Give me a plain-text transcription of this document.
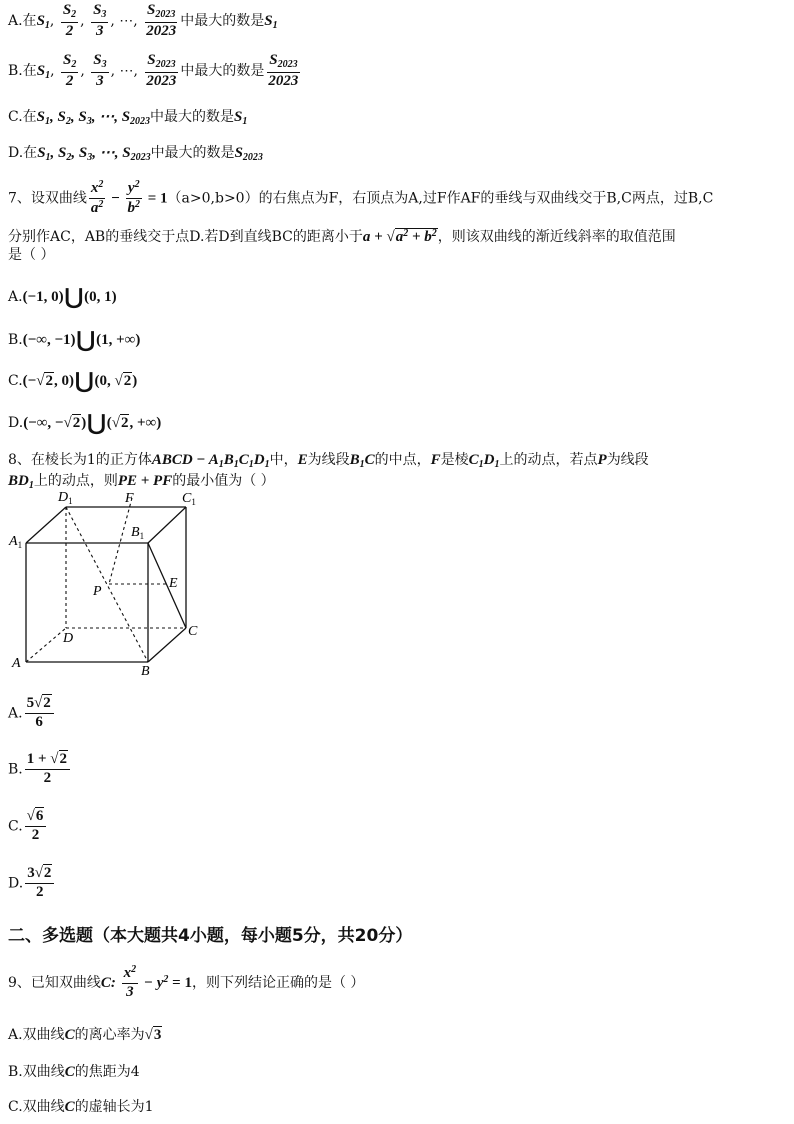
A.在$S_1$, $\frac{S_2}{2}$ , $\frac{S_3}{3}$ , ⋯, $\frac{S_{2023}}{2023}$ 中最大的数是$S_1$
B.在$S_1$, $\frac{S_2}{2}$ , $\frac{S_3}{3}$ , ⋯, $\frac{S_{2023}}{2023}$ 中最大的数是 $\frac{S_{2023}}{2023}$
C.在$S_1$, $S_2$, $S_3$, ⋯, $S_{2023}$中最大的数是$S_1$
D.在$S_1$, $S_2$, $S_3$, ⋯, $S_{2023}$中最大的数是$S_{2023}$
7、设双曲线 $\frac{x^2}{a^2} - \frac{y^2}{b^2} = 1(a>0,b>0)$的右焦点为F，右顶点为A,过F作AF的垂线与双曲线交于B,C两点，过B,C
分别作AC，AB的垂线交于点D.若D到直线BC的距离小于$a + √a^2 + b^2$，则该双曲线的渐近线斜率的取值范围
是（ ）
A.(−1, 0)⋃(0, 1)
B.(−∞, −1)⋃(1, +∞)
C.(−√2, 0)⋃(0, √2)
D.(−∞, −√2)⋃(√2, +∞)
8、在棱长为1的正方体ABCD − $A_1B_1C_1D_1$中，E为线段$B_1C$的中点，F是棱$C_1D_1$上的动点，若点P为线段
$BD_1$上的动点，则PE + PF的最小值为（ ）
$D_1$	F	$C_1$
$A_1$
$B_1$
E
P
D	C
A
B
A. $\frac{5√2}{6}$
B. $\frac{1 + √2}{2}$
C. $\frac{√6}{2}$
D. $\frac{3√2}{2}$
二、多选题（本大题共4小题，每小题5分，共20分）
9、已知双曲线C: $\frac{x^2}{3} - y^2 = 1$，则下列结论正确的是（ ）
A.双曲线C的离心率为√3
B.双曲线C的焦距为4
C.双曲线C的虚轴长为1
